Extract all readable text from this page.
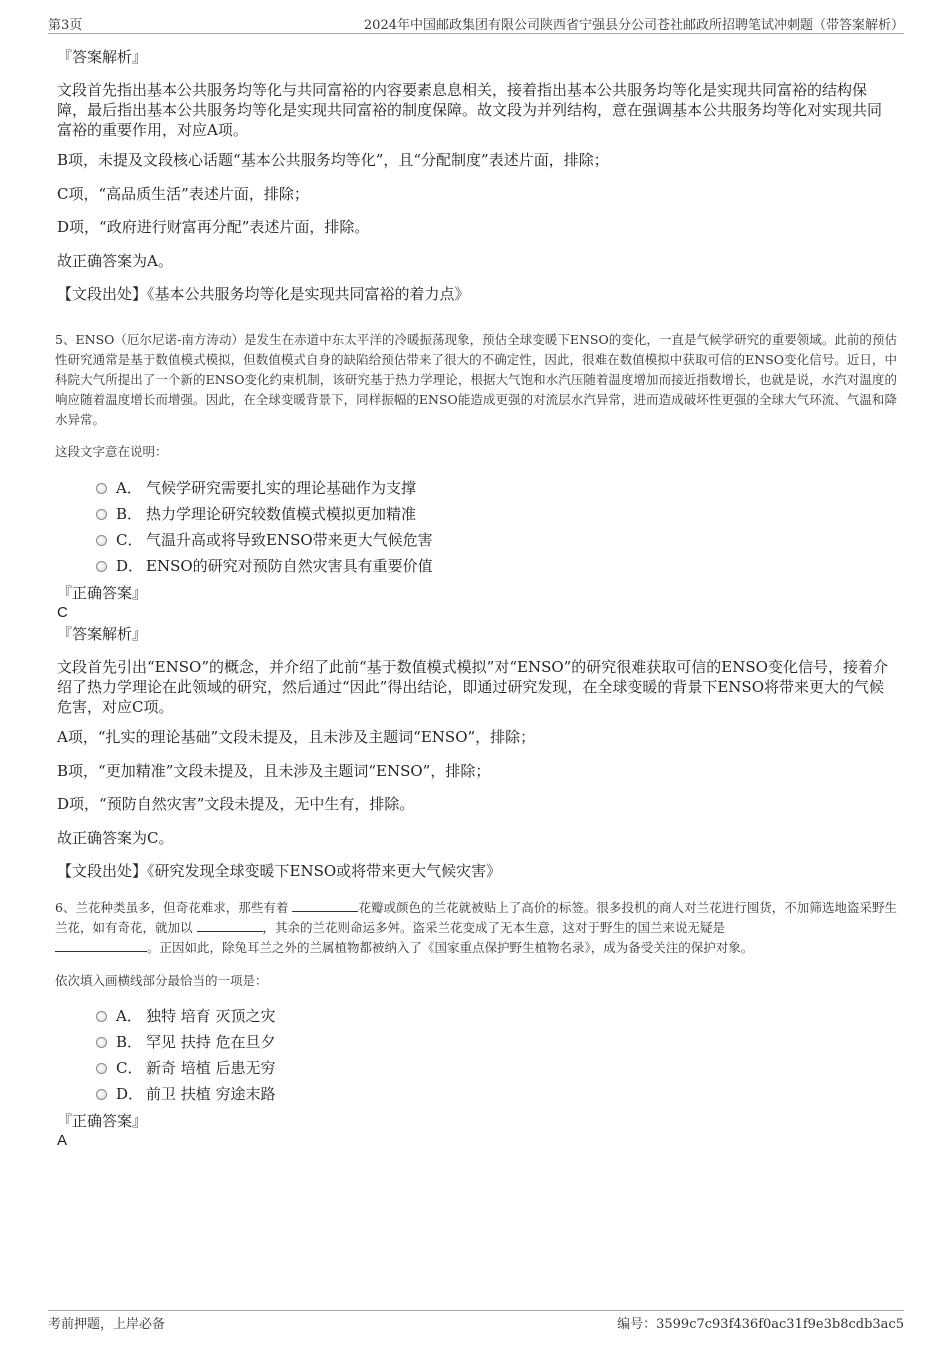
第3页	2024年中国邮政集团有限公司陕西省宁强县分公司苍社邮政所招聘笔试冲刺题（带答案解析）
『答案解析』
文段首先指出基本公共服务均等化与共同富裕的内容要素息息相关，接着指出基本公共服务均等化是实现共同富裕的结构保障，最后指出基本公共服务均等化是实现共同富裕的制度保障。故文段为并列结构，意在强调基本公共服务均等化对实现共同富裕的重要作用，对应A项。
B项，未提及文段核心话题“基本公共服务均等化”，且“分配制度”表述片面，排除；
C项，“高品质生活”表述片面，排除；
D项，“政府进行财富再分配”表述片面，排除。
故正确答案为A。
【文段出处】《基本公共服务均等化是实现共同富裕的着力点》
5、ENSO（厄尔尼诺-南方涛动）是发生在赤道中东太平洋的冷暖振荡现象，预估全球变暖下ENSO的变化，一直是气候学研究的重要领域。此前的预估性研究通常是基于数值模式模拟，但数值模式自身的缺陷给预估带来了很大的不确定性，因此，很难在数值模拟中获取可信的ENSO变化信号。近日，中科院大气所提出了一个新的ENSO变化约束机制，该研究基于热力学理论，根据大气饱和水汽压随着温度增加而接近指数增长，也就是说，水汽对温度的响应随着温度增长而增强。因此，在全球变暖背景下，同样振幅的ENSO能造成更强的对流层水汽异常，进而造成破坏性更强的全球大气环流、气温和降水异常。
这段文字意在说明：
A． 气候学研究需要扎实的理论基础作为支撑
B． 热力学理论研究较数值模式模拟更加精准
C． 气温升高或将导致ENSO带来更大气候危害
D． ENSO的研究对预防自然灾害具有重要价值
『正确答案』
C
『答案解析』
文段首先引出“ENSO”的概念，并介绍了此前“基于数值模式模拟”对“ENSO”的研究很难获取可信的ENSO变化信号，接着介绍了热力学理论在此领域的研究，然后通过“因此”得出结论，即通过研究发现，在全球变暖的背景下ENSO将带来更大的气候危害，对应C项。
A项，“扎实的理论基础”文段未提及，且未涉及主题词“ENSO”，排除；
B项，“更加精准”文段未提及，且未涉及主题词“ENSO”，排除；
D项，“预防自然灾害”文段未提及，无中生有，排除。
故正确答案为C。
【文段出处】《研究发现全球变暖下ENSO或将带来更大气候灾害》
6、兰花种类虽多，但奇花难求，那些有着	花瓣或颜色的兰花就被贴上了高价的标签。很多投机的商人对兰花进行囤货，不加筛选地盗采野生兰花，如有奇花，就加以	，其余的兰花则命运多舛。盗采兰花变成了无本生意，这对于野生的国兰来说无疑是
。正因如此，除兔耳兰之外的兰属植物都被纳入了《国家重点保护野生植物名录》，成为备受关注的保护对象。
依次填入画横线部分最恰当的一项是：
A． 独特 培育 灭顶之灾
B． 罕见 扶持 危在旦夕
C． 新奇 培植 后患无穷
D． 前卫 扶植 穷途末路
『正确答案』
A
考前押题，上岸必备	编号：3599c7c93f436f0ac31f9e3b8cdb3ac5
